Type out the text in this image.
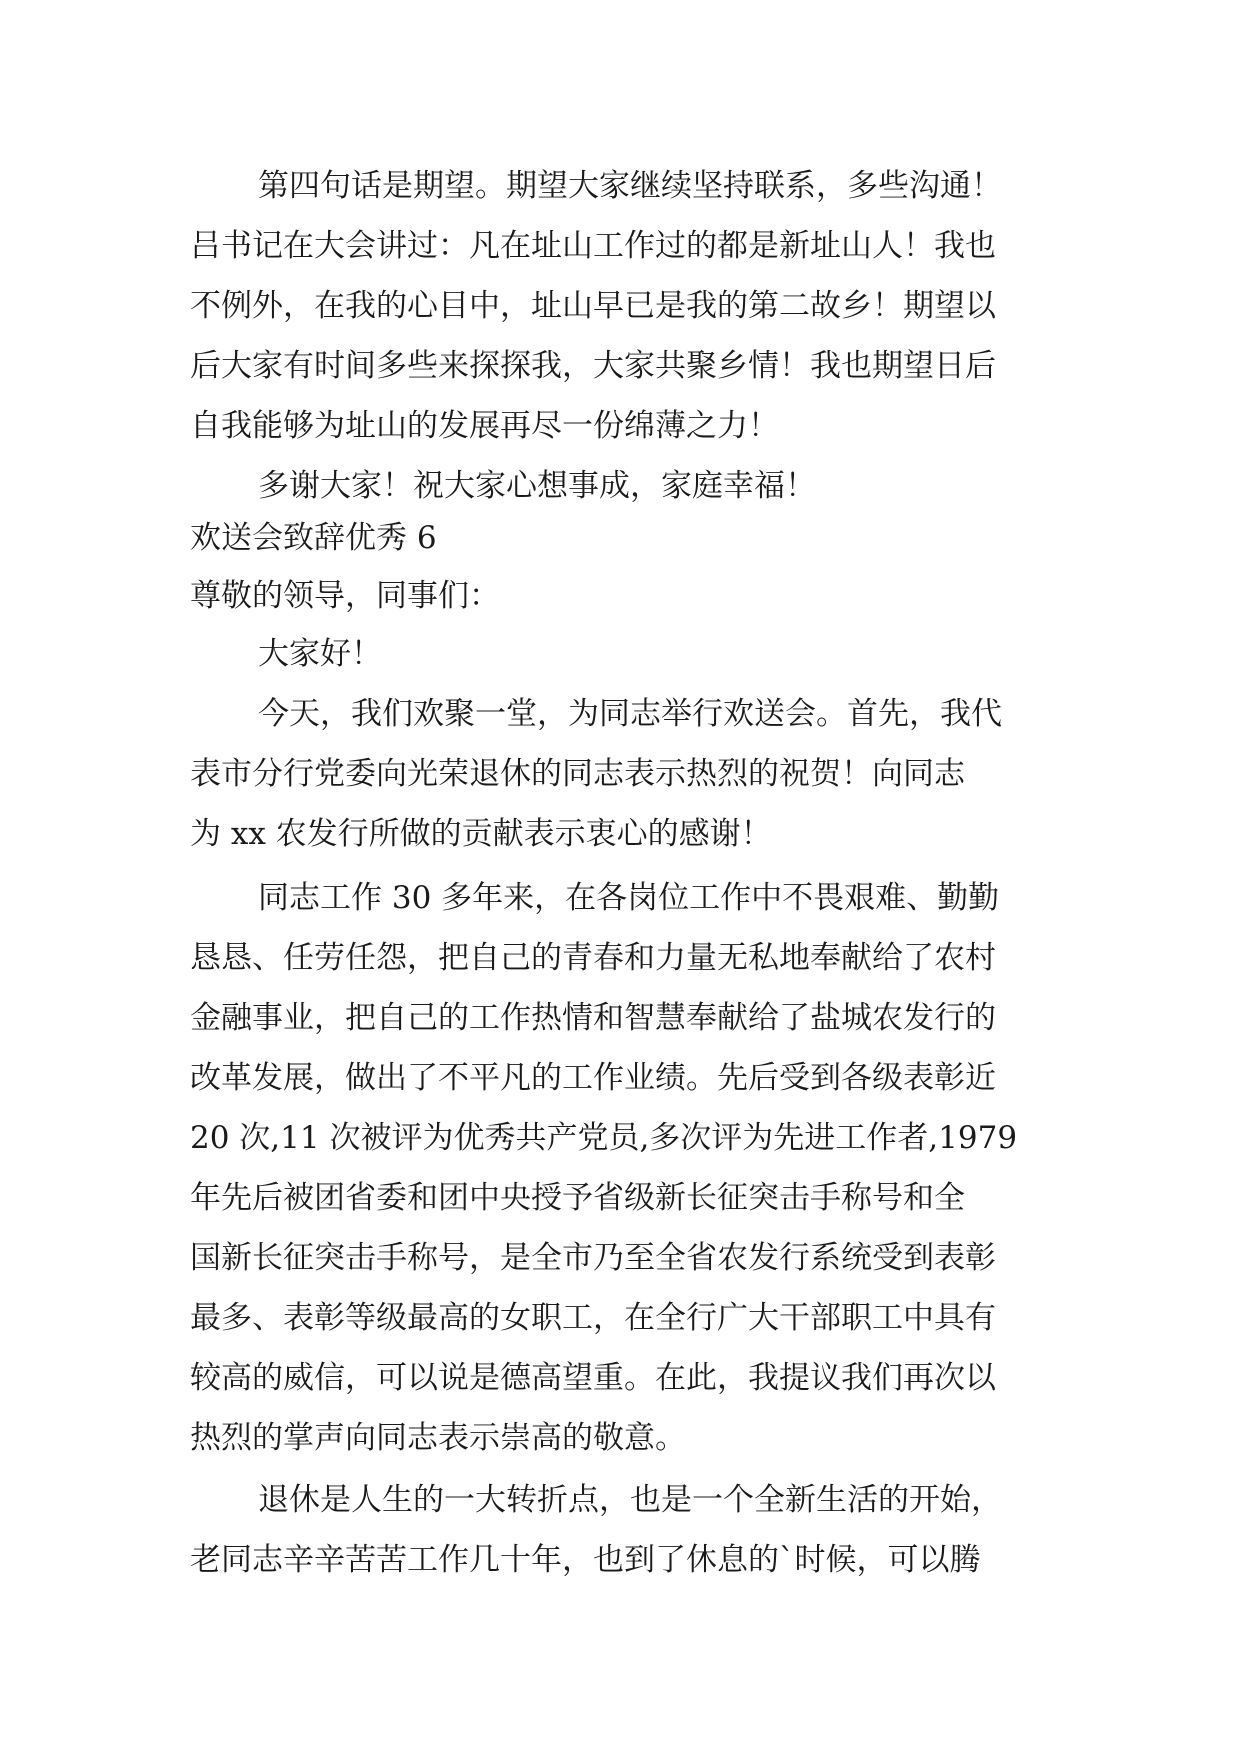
第四句话是期望。期望大家继续坚持联系，多些沟通！
吕书记在大会讲过：凡在址山工作过的都是新址山人！我也
不例外，在我的心目中，址山早已是我的第二故乡！期望以
后大家有时间多些来探探我，大家共聚乡情！我也期望日后
自我能够为址山的发展再尽一份绵薄之力！
多谢大家！祝大家心想事成，家庭幸福！
欢送会致辞优秀 6
尊敬的领导，同事们：
大家好！
今天，我们欢聚一堂，为同志举行欢送会。首先，我代
表市分行党委向光荣退休的同志表示热烈的祝贺！向同志
为 xx 农发行所做的贡献表示衷心的感谢！
同志工作 30 多年来，在各岗位工作中不畏艰难、勤勤
恳恳、任劳任怨，把自己的青春和力量无私地奉献给了农村
金融事业，把自己的工作热情和智慧奉献给了盐城农发行的
改革发展，做出了不平凡的工作业绩。先后受到各级表彰近
20 次,11 次被评为优秀共产党员,多次评为先进工作者,1979
年先后被团省委和团中央授予省级新长征突击手称号和全
国新长征突击手称号，是全市乃至全省农发行系统受到表彰
最多、表彰等级最高的女职工，在全行广大干部职工中具有
较高的威信，可以说是德高望重。在此，我提议我们再次以
热烈的掌声向同志表示崇高的敬意。
退休是人生的一大转折点，也是一个全新生活的开始，
老同志辛辛苦苦工作几十年，也到了休息的`时候，可以腾
